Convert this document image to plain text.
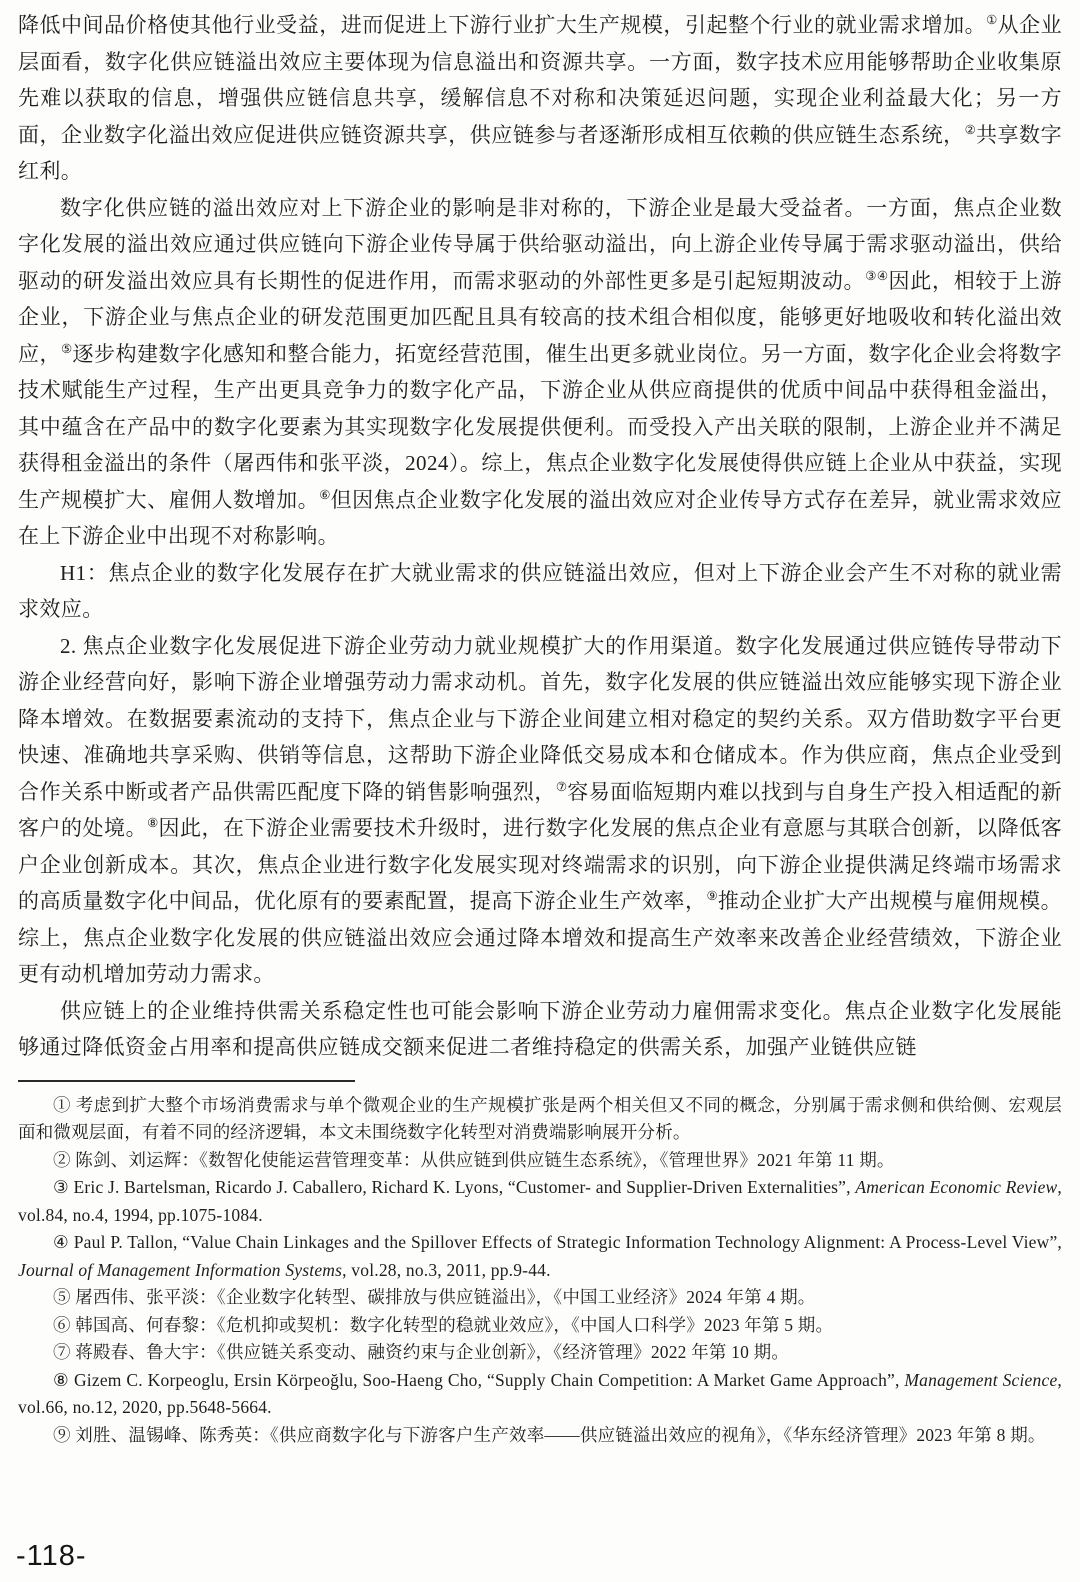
降低中间品价格使其他行业受益，进而促进上下游行业扩大生产规模，引起整个行业的就业需求增加。①从企业层面看，数字化供应链溢出效应主要体现为信息溢出和资源共享。一方面，数字技术应用能够帮助企业收集原先难以获取的信息，增强供应链信息共享，缓解信息不对称和决策延迟问题，实现企业利益最大化；另一方面，企业数字化溢出效应促进供应链资源共享，供应链参与者逐渐形成相互依赖的供应链生态系统，②共享数字红利。

数字化供应链的溢出效应对上下游企业的影响是非对称的，下游企业是最大受益者。一方面，焦点企业数字化发展的溢出效应通过供应链向下游企业传导属于供给驱动溢出，向上游企业传导属于需求驱动溢出，供给驱动的研发溢出效应具有长期性的促进作用，而需求驱动的外部性更多是引起短期波动。③④因此，相较于上游企业，下游企业与焦点企业的研发范围更加匹配且具有较高的技术组合相似度，能够更好地吸收和转化溢出效应，⑤逐步构建数字化感知和整合能力，拓宽经营范围，催生出更多就业岗位。另一方面，数字化企业会将数字技术赋能生产过程，生产出更具竞争力的数字化产品，下游企业从供应商提供的优质中间品中获得租金溢出，其中蕴含在产品中的数字化要素为其实现数字化发展提供便利。而受投入产出关联的限制，上游企业并不满足获得租金溢出的条件（屠西伟和张平淡，2024）。综上，焦点企业数字化发展使得供应链上企业从中获益，实现生产规模扩大、雇佣人数增加。⑥但因焦点企业数字化发展的溢出效应对企业传导方式存在差异，就业需求效应在上下游企业中出现不对称影响。

H1：焦点企业的数字化发展存在扩大就业需求的供应链溢出效应，但对上下游企业会产生不对称的就业需求效应。

2. 焦点企业数字化发展促进下游企业劳动力就业规模扩大的作用渠道。数字化发展通过供应链传导带动下游企业经营向好，影响下游企业增强劳动力需求动机。首先，数字化发展的供应链溢出效应能够实现下游企业降本增效。在数据要素流动的支持下，焦点企业与下游企业间建立相对稳定的契约关系。双方借助数字平台更快速、准确地共享采购、供销等信息，这帮助下游企业降低交易成本和仓储成本。作为供应商，焦点企业受到合作关系中断或者产品供需匹配度下降的销售影响强烈，⑦容易面临短期内难以找到与自身生产投入相适配的新客户的处境。⑧因此，在下游企业需要技术升级时，进行数字化发展的焦点企业有意愿与其联合创新，以降低客户企业创新成本。其次，焦点企业进行数字化发展实现对终端需求的识别，向下游企业提供满足终端市场需求的高质量数字化中间品，优化原有的要素配置，提高下游企业生产效率，⑨推动企业扩大产出规模与雇佣规模。综上，焦点企业数字化发展的供应链溢出效应会通过降本增效和提高生产效率来改善企业经营绩效，下游企业更有动机增加劳动力需求。

供应链上的企业维持供需关系稳定性也可能会影响下游企业劳动力雇佣需求变化。焦点企业数字化发展能够通过降低资金占用率和提高供应链成交额来促进二者维持稳定的供需关系，加强产业链供应链

① 考虑到扩大整个市场消费需求与单个微观企业的生产规模扩张是两个相关但又不同的概念，分别属于需求侧和供给侧、宏观层面和微观层面，有着不同的经济逻辑，本文未围绕数字化转型对消费端影响展开分析。

② 陈剑、刘运辉：《数智化使能运营管理变革：从供应链到供应链生态系统》，《管理世界》2021 年第 11 期。

③ Eric J. Bartelsman, Ricardo J. Caballero, Richard K. Lyons, “Customer- and Supplier-Driven Externalities”, American Economic Review, vol.84, no.4, 1994, pp.1075-1084.

④ Paul P. Tallon, “Value Chain Linkages and the Spillover Effects of Strategic Information Technology Alignment: A Process-Level View”, Journal of Management Information Systems, vol.28, no.3, 2011, pp.9-44.

⑤ 屠西伟、张平淡：《企业数字化转型、碳排放与供应链溢出》，《中国工业经济》2024 年第 4 期。

⑥ 韩国高、何春黎：《危机抑或契机：数字化转型的稳就业效应》，《中国人口科学》2023 年第 5 期。

⑦ 蒋殿春、鲁大宇：《供应链关系变动、融资约束与企业创新》，《经济管理》2022 年第 10 期。

⑧ Gizem C. Korpeoglu, Ersin Körpeoğlu, Soo-Haeng Cho, “Supply Chain Competition: A Market Game Approach”, Management Science, vol.66, no.12, 2020, pp.5648-5664.

⑨ 刘胜、温锡峰、陈秀英：《供应商数字化与下游客户生产效率——供应链溢出效应的视角》，《华东经济管理》2023 年第 8 期。

-118-
